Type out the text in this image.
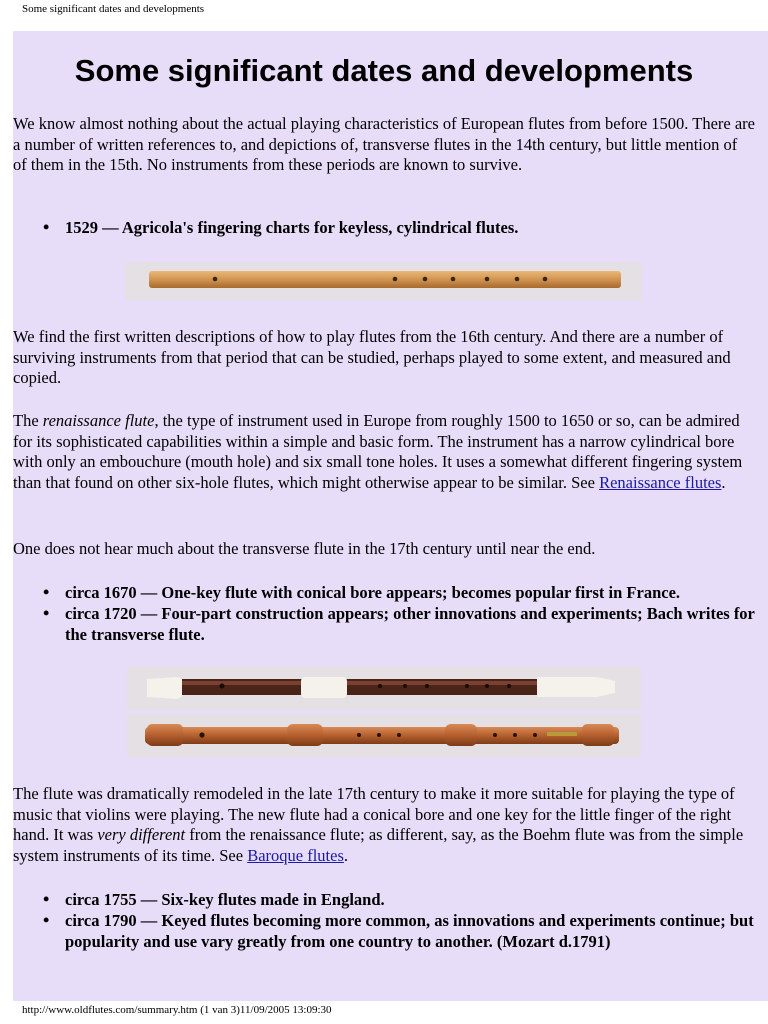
Some significant dates and developments
Some significant dates and developments

We know almost nothing about the actual playing characteristics of European flutes from before 1500. There are a number of written references to, and depictions of, transverse flutes in the 14th century, but little mention of of them in the 15th. No instruments from these periods are known to survive.

• 1529 — Agricola's fingering charts for keyless, cylindrical flutes.

We find the first written descriptions of how to play flutes from the 16th century. And there are a number of surviving instruments from that period that can be studied, perhaps played to some extent, and measured and copied.

The renaissance flute, the type of instrument used in Europe from roughly 1500 to 1650 or so, can be admired for its sophisticated capabilities within a simple and basic form. The instrument has a narrow cylindrical bore with only an embouchure (mouth hole) and six small tone holes. It uses a somewhat different fingering system than that found on other six-hole flutes, which might otherwise appear to be similar. See Renaissance flutes.

One does not hear much about the transverse flute in the 17th century until near the end.

• circa 1670 — One-key flute with conical bore appears; becomes popular first in France.
• circa 1720 — Four-part construction appears; other innovations and experiments; Bach writes for the transverse flute.

The flute was dramatically remodeled in the late 17th century to make it more suitable for playing the type of music that violins were playing. The new flute had a conical bore and one key for the little finger of the right hand. It was very different from the renaissance flute; as different, say, as the Boehm flute was from the simple system instruments of its time. See Baroque flutes.

• circa 1755 — Six-key flutes made in England.
• circa 1790 — Keyed flutes becoming more common, as innovations and experiments continue; but popularity and use vary greatly from one country to another. (Mozart d.1791)
http://www.oldflutes.com/summary.htm (1 van 3)11/09/2005 13:09:30
